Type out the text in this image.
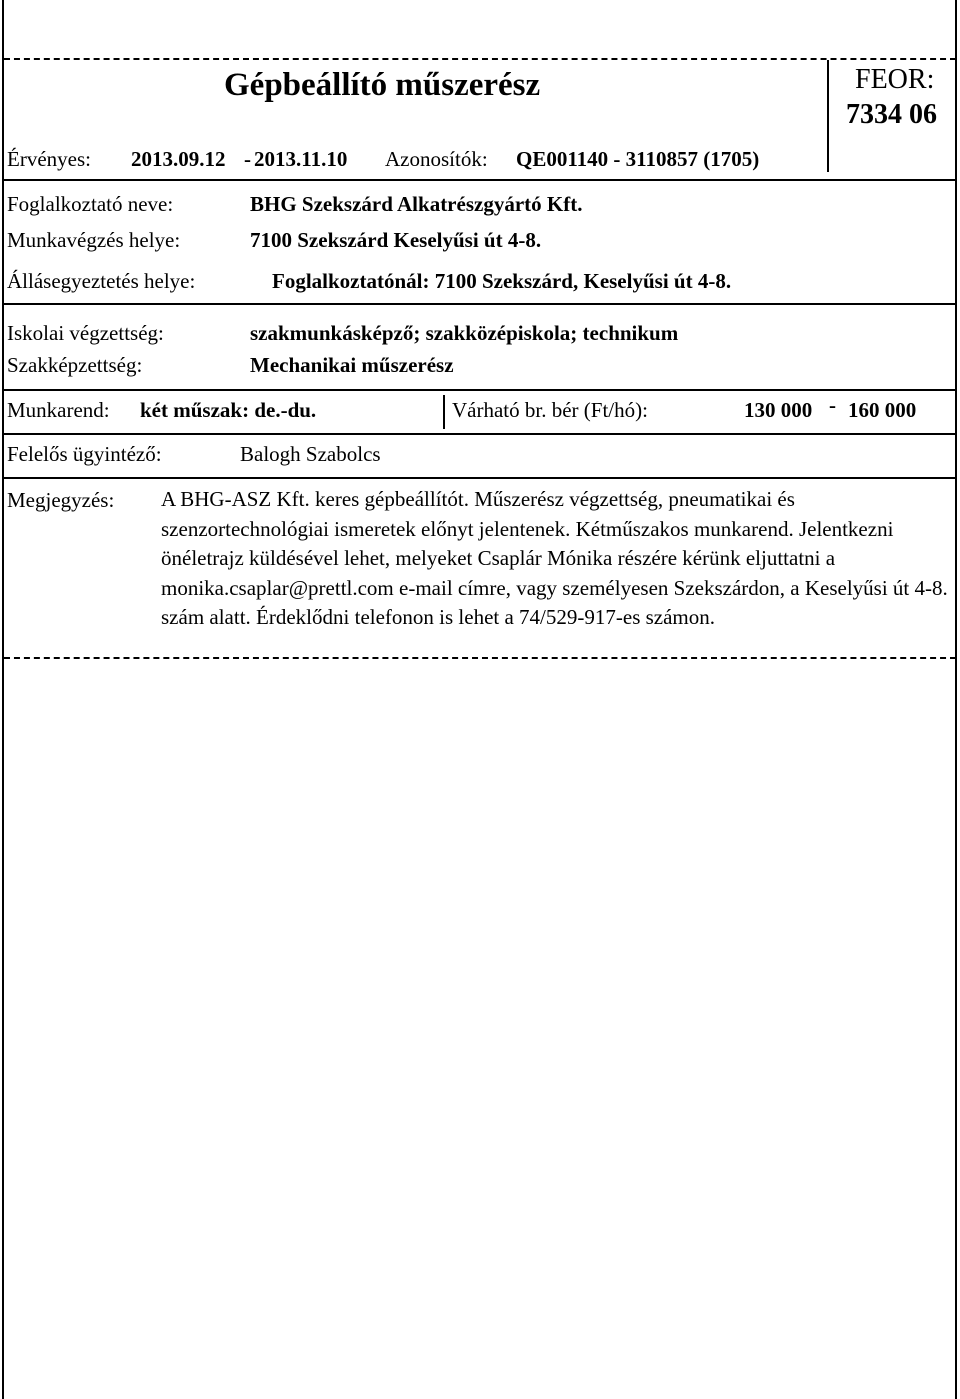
Gépbeállító műszerész	FEOR:
7334 06
Érvényes: 2013.09.12 - 2013.11.10 Azonosítók: QE001140 - 3110857 (1705)
Foglalkoztató neve:	BHG Szekszárd Alkatrészgyártó Kft.
Munkavégzés helye:	7100 Szekszárd Keselyűsi út 4-8.
Állásegyeztetés helye:	Foglalkoztatónál: 7100 Szekszárd, Keselyűsi út 4-8.
Iskolai végzettség:	szakmunkásképző; szakközépiskola; technikum
Szakképzettség:	Mechanikai műszerész
Munkarend: két műszak: de.-du.	Várható br. bér (Ft/hó):	130 000 - 160 000
Felelős ügyintéző:	Balogh Szabolcs
Megjegyzés: A BHG-ASZ Kft. keres gépbeállítót. Műszerész végzettség, pneumatikai és szenzortechnológiai ismeretek előnyt jelentenek. Kétműszakos munkarend. Jelentkezni önéletrajz küldésével lehet, melyeket Csaplár Mónika részére kérünk eljuttatni a monika.csaplar@prettl.com e-mail címre, vagy személyesen Szekszárdon, a Keselyűsi út 4-8. szám alatt. Érdeklődni telefonon is lehet a 74/529-917-es számon.
